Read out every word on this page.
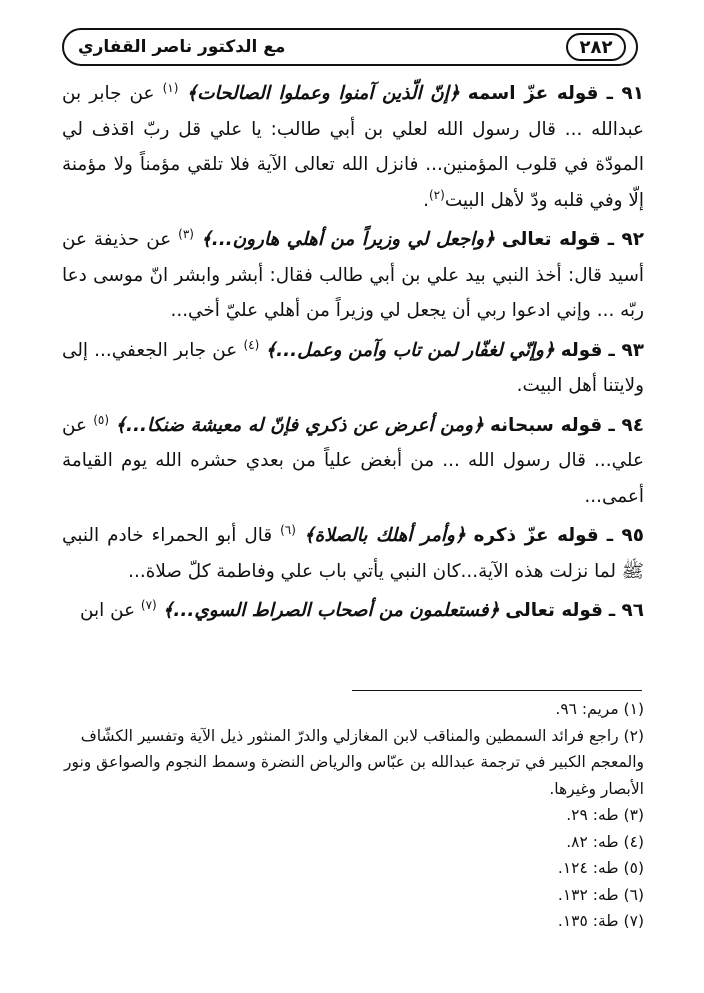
٢٨٢
مع الدكتور ناصر القفاري

٩١ ـ قوله عزّ اسمه ﴿إنّ الّذين آمنوا وعملوا الصالحات﴾ $^{(١)}$ عن جابر بن عبدالله ... قال رسول الله لعلي بن أبي طالب: يا علي قل ربّ اقذف لي المودّة في قلوب المؤمنين... فانزل الله تعالى الآية فلا تلقي مؤمناً ولا مؤمنة إلّا وفي قلبه ودّ لأهل البيت$^{(٢)}$.

٩٢ ـ قوله تعالى ﴿واجعل لي وزيراً من أهلي هارون...﴾ $^{(٣)}$ عن حذيفة عن أسيد قال: أخذ النبي بيد علي بن أبي طالب فقال: أبشر وابشر انّ موسى دعا ربّه ... وإني ادعوا ربي أن يجعل لي وزيراً من أهلي عليّ أخي...

٩٣ ـ قوله ﴿وإنّي لغفّار لمن تاب وآمن وعمل...﴾ $^{(٤)}$ عن جابر الجعفي... إلى ولايتنا أهل البيت.

٩٤ ـ قوله سبحانه ﴿ومن أعرض عن ذكري فإنّ له معيشة ضنكا...﴾ $^{(٥)}$ عن علي... قال رسول الله ... من أبغض علياً من بعدي حشره الله يوم القيامة أعمى...

٩٥ ـ قوله عزّ ذكره ﴿وأمر أهلك بالصلاة﴾ $^{(٦)}$ قال أبو الحمراء خادم النبي ﷺ لما نزلت هذه الآية...كان النبي يأتي باب علي وفاطمة كلّ صلاة...

٩٦ ـ قوله تعالى ﴿فستعلمون من أصحاب الصراط السوي...﴾ $^{(٧)}$ عن ابن

(١) مريم: ٩٦.

(٢) راجع فرائد السمطين والمناقب لابن المغازلي والدرّ المنثور ذيل الآية وتفسير الكشّاف والمعجم الكبير في ترجمة عبدالله بن عبّاس والرياض النضرة وسمط النجوم والصواعق ونور الأبصار وغيرها.

(٣) طه: ٢٩.

(٤) طه: ٨٢.

(٥) طه: ١٢٤.

(٦) طه: ١٣٢.

(٧) طة: ١٣٥.
